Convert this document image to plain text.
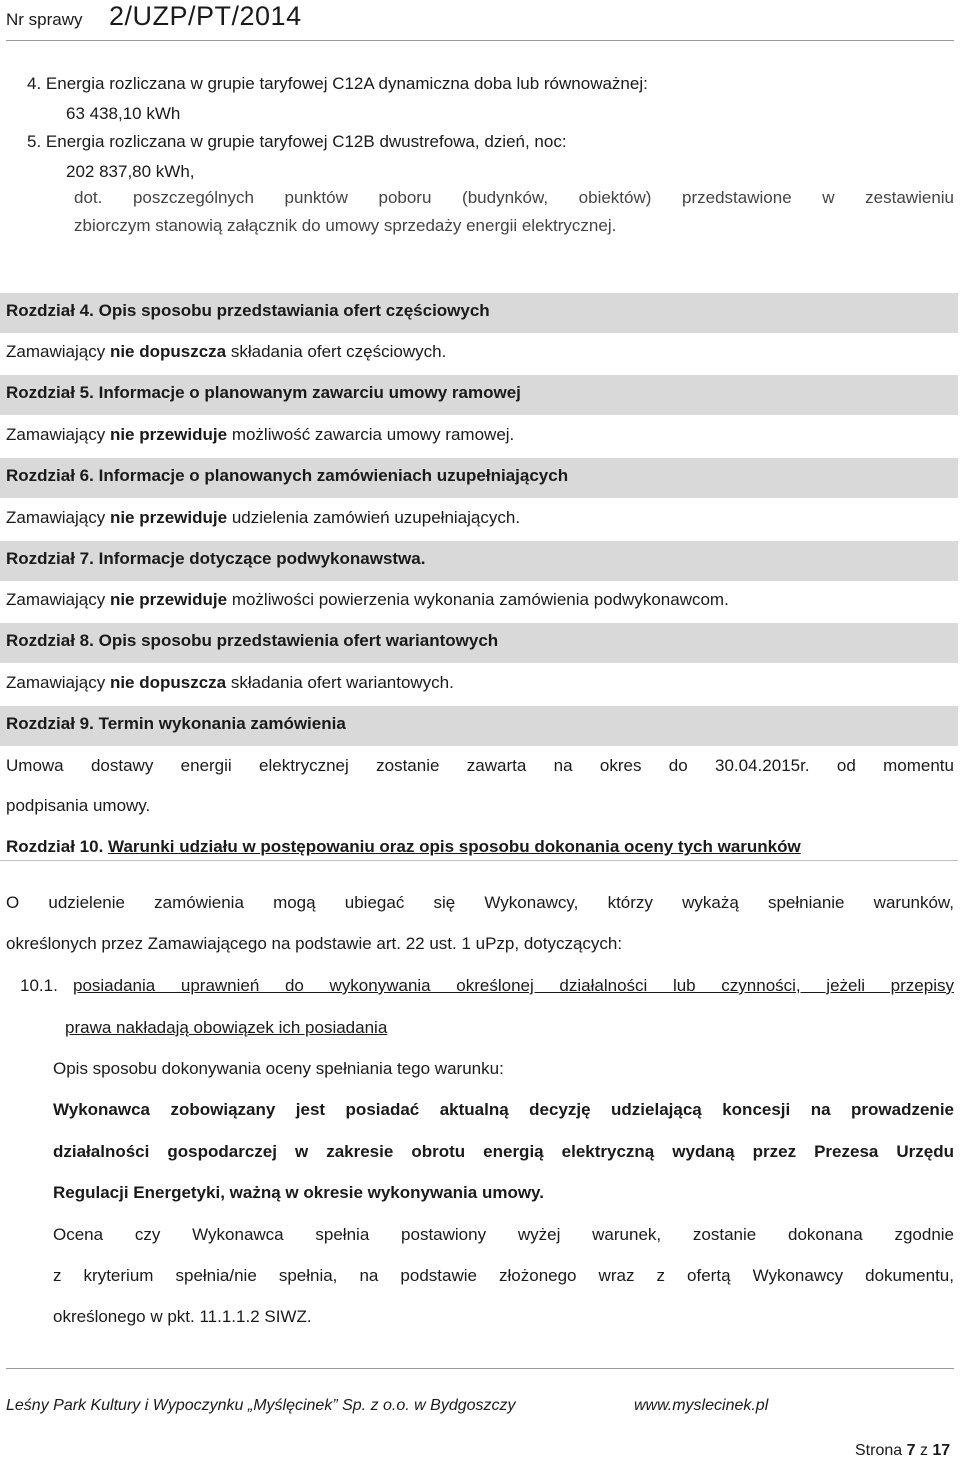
Nr sprawy 2/UZP/PT/2014
4. Energia rozliczana w grupie taryfowej C12A dynamiczna doba lub równoważnej:
63 438,10 kWh
5. Energia rozliczana w grupie taryfowej C12B dwustrefowa, dzień, noc:
202 837,80 kWh,
dot. poszczególnych punktów poboru (budynków, obiektów) przedstawione w zestawieniu
zbiorczym stanowią załącznik do umowy sprzedaży energii elektrycznej.
Rozdział 4. Opis sposobu przedstawiania ofert częściowych
Zamawiający nie dopuszcza składania ofert częściowych.
Rozdział 5. Informacje o planowanym zawarciu umowy ramowej
Zamawiający nie przewiduje możliwość zawarcia umowy ramowej.
Rozdział 6. Informacje o planowanych zamówieniach uzupełniających
Zamawiający nie przewiduje udzielenia zamówień uzupełniających.
Rozdział 7. Informacje dotyczące podwykonawstwa.
Zamawiający nie przewiduje możliwości powierzenia wykonania zamówienia podwykonawcom.
Rozdział 8. Opis sposobu przedstawienia ofert wariantowych
Zamawiający nie dopuszcza składania ofert wariantowych.
Rozdział 9. Termin wykonania zamówienia
Umowa dostawy energii elektrycznej zostanie zawarta na okres do 30.04.2015r. od momentu
podpisania umowy.
Rozdział 10. Warunki udziału w postępowaniu oraz opis sposobu dokonania oceny tych warunków
O udzielenie zamówienia mogą ubiegać się Wykonawcy, którzy wykażą spełnianie warunków,
określonych przez Zamawiającego na podstawie art. 22 ust. 1 uPzp, dotyczących:
10.1. posiadania uprawnień do wykonywania określonej działalności lub czynności, jeżeli przepisy
prawa nakładają obowiązek ich posiadania
Opis sposobu dokonywania oceny spełniania tego warunku:
Wykonawca zobowiązany jest posiadać aktualną decyzję udzielającą koncesji na prowadzenie
działalności gospodarczej w zakresie obrotu energią elektryczną wydaną przez Prezesa Urzędu
Regulacji Energetyki, ważną w okresie wykonywania umowy.
Ocena czy Wykonawca spełnia postawiony wyżej warunek, zostanie dokonana zgodnie
z kryterium spełnia/nie spełnia, na podstawie złożonego wraz z ofertą Wykonawcy dokumentu,
określonego w pkt. 11.1.1.2 SIWZ.
Leśny Park Kultury i Wypoczynku „Myślęcinek” Sp. z o.o. w Bydgoszczy	www.myslecinek.pl
Strona 7 z 17
